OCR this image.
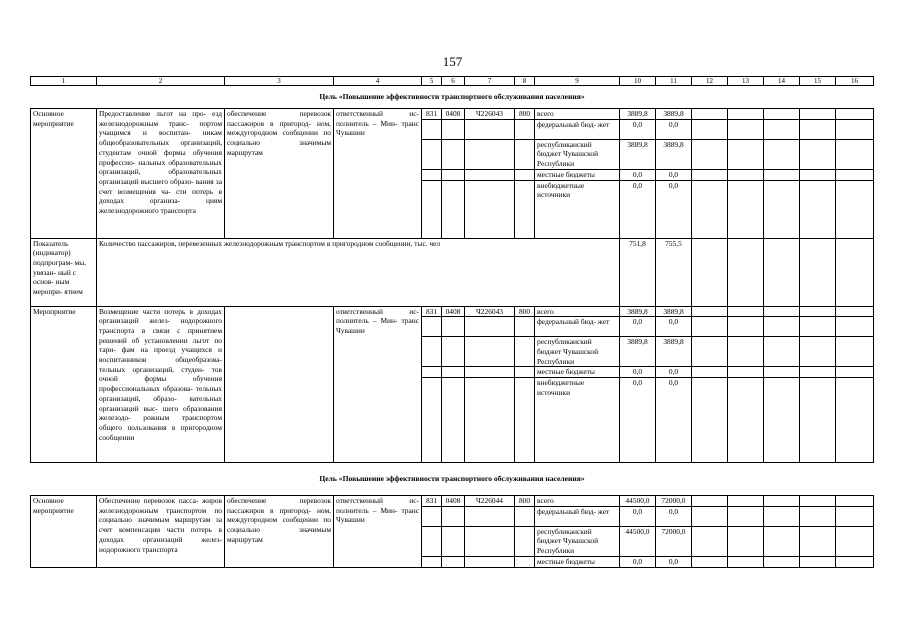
157
1	2	3	4	5	6	7	8	9	10	11	12	13	14	15	16
Цель «Повышение эффективности транспортного обслуживания населения»															
Основное мероприятие	Предоставление льгот на про- езд железнодорожным транс- портом учащимся и воспитан- никам общеобразовательных организаций, студентам очной формы обучения профессио- нальных образовательных организаций, образовательных организаций высшего образо- вания за счет возмещения ча- сти потерь в доходах организа- циям железнодорожного транспорта	обеспечение перевозок пассажиров в пригород- ном, междугородном сообщении по социально значимым маршрутам	ответственный ис- полнитель – Мин- транс Чувашии	831	0408	Ч226043	800	всего	3889,8	3889,8					
								федеральный бюд- жет	0,0	0,0					
								республиканский бюджет Чувашской Республики	3889,8	3889,8					
								местные бюджеты	0,0	0,0					
								внебюджетные источники	0,0	0,0					
Показатель (индикатор) подпрограм- мы, увязан- ный с основ- ным меропри- ятием	Количество пассажиров, перевезенных железнодорожным транспортом в пригородном сообщении, тыс. чел								751,8	755,5					
Мероприятие	Возмещение части потерь в доходах организаций желез- нодорожного транспорта в связи с принятием решений об установлении льгот по тари- фам на проезд учащихся и воспитанников общеобразова- тельных организаций, студен- тов очной формы обучения профессиональных образова- тельных организаций, образо- вательных организаций выс- шего образования железодо- рожным транспортом общего пользования в пригородном сообщении		ответственный ис- полнитель – Мин- транс Чувашии	831	0408	Ч226043	800	всего	3889,8	3889,8					
								федеральный бюд- жет	0,0	0,0					
								республиканский бюджет Чувашской Республики	3889,8	3889,8					
								местные бюджеты	0,0	0,0					
								внебюджетные источники	0,0	0,0					
Цель «Повышение эффективности транспортного обслуживания населения»															
Основное мероприятие	Обеспечение перевозок пасса- жиров железнодорожным транспортом по социально значимым маршрутам за счет компенсации части потерь в доходах организаций желез- нодорожного транспорта	обеспечение перевозок пассажиров в пригород- ном, междугородном сообщении по социально значимым маршрутам	ответственный ис- полнитель – Мин- транс Чувашии	831	0408	Ч226044	800	всего	44500,0	72000,0					
								федеральный бюд- жет	0,0	0,0					
								республиканский бюджет Чувашской Республики	44500,0	72000,0					
								местные бюджеты	0,0	0,0					
